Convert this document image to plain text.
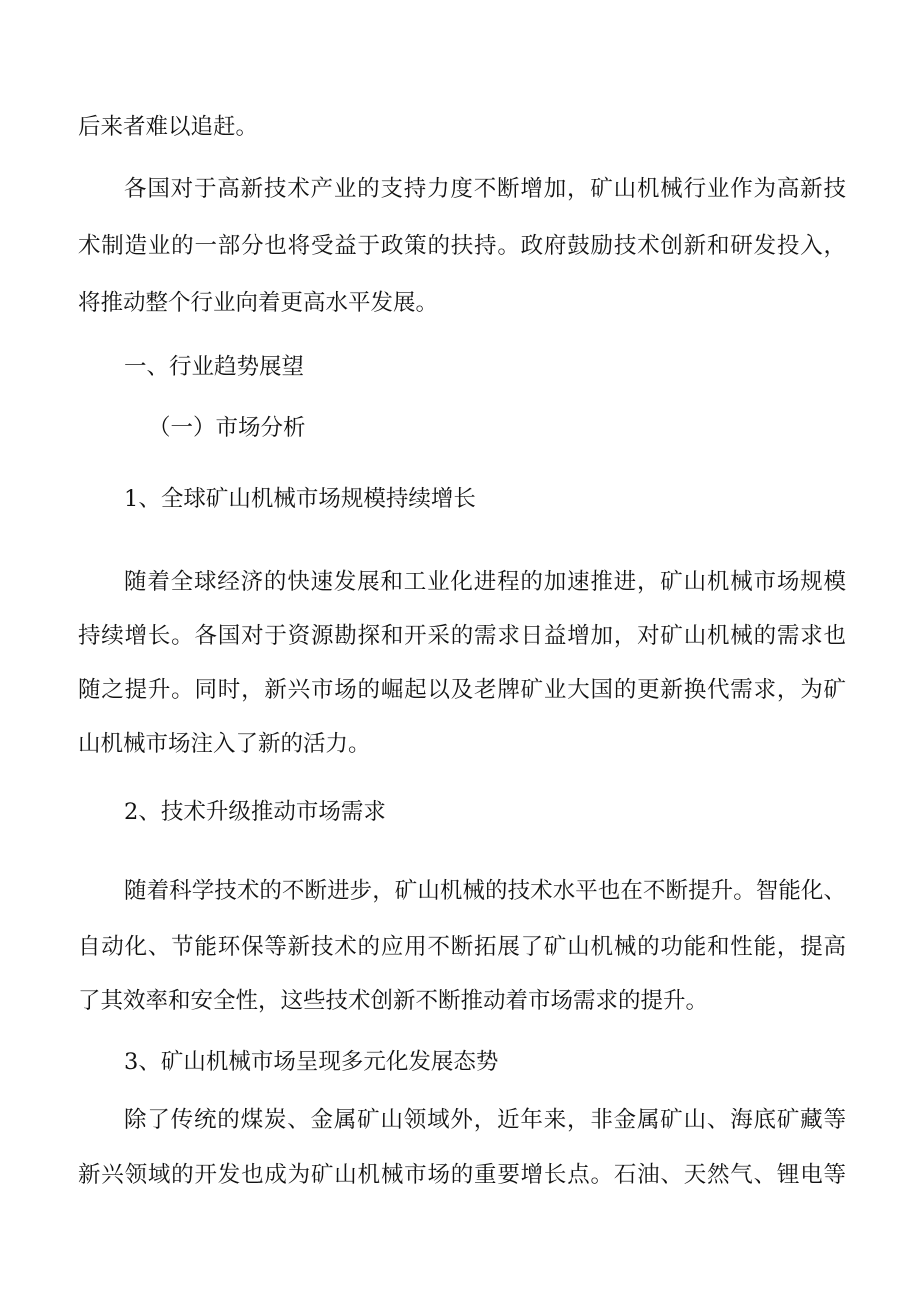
后来者难以追赶。
各国对于高新技术产业的支持力度不断增加，矿山机械行业作为高新技
术制造业的一部分也将受益于政策的扶持。政府鼓励技术创新和研发投入，
将推动整个行业向着更高水平发展。
一、行业趋势展望
（一）市场分析
1、全球矿山机械市场规模持续增长
随着全球经济的快速发展和工业化进程的加速推进，矿山机械市场规模
持续增长。各国对于资源勘探和开采的需求日益增加，对矿山机械的需求也
随之提升。同时，新兴市场的崛起以及老牌矿业大国的更新换代需求，为矿
山机械市场注入了新的活力。
2、技术升级推动市场需求
随着科学技术的不断进步，矿山机械的技术水平也在不断提升。智能化、
自动化、节能环保等新技术的应用不断拓展了矿山机械的功能和性能，提高
了其效率和安全性，这些技术创新不断推动着市场需求的提升。
3、矿山机械市场呈现多元化发展态势
除了传统的煤炭、金属矿山领域外，近年来，非金属矿山、海底矿藏等
新兴领域的开发也成为矿山机械市场的重要增长点。石油、天然气、锂电等
